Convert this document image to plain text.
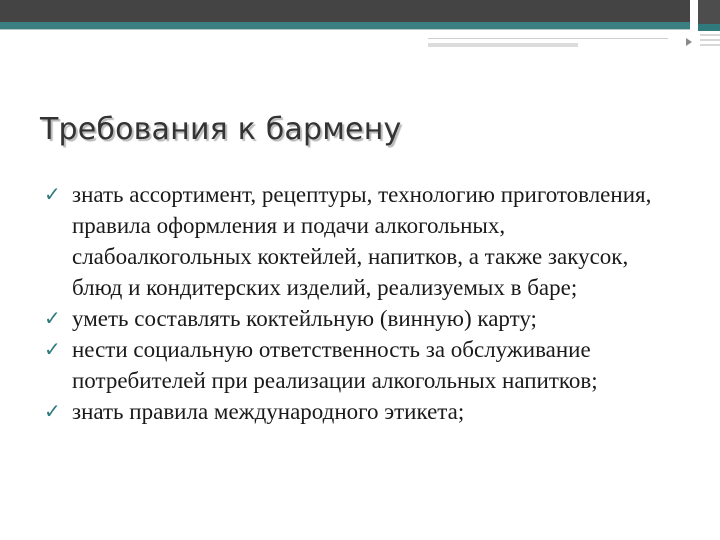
Требования к бармену
✓ знать ассортимент, рецептуры, технологию приготовления, правила оформления и подачи алкогольных, слабоалкогольных коктейлей, напитков, а также закусок, блюд и кондитерских изделий, реализуемых в баре;
✓ уметь составлять коктейльную (винную) карту;
✓ нести социальную ответственность за обслуживание потребителей при реализации алкогольных напитков;
✓ знать правила международного этикета;
